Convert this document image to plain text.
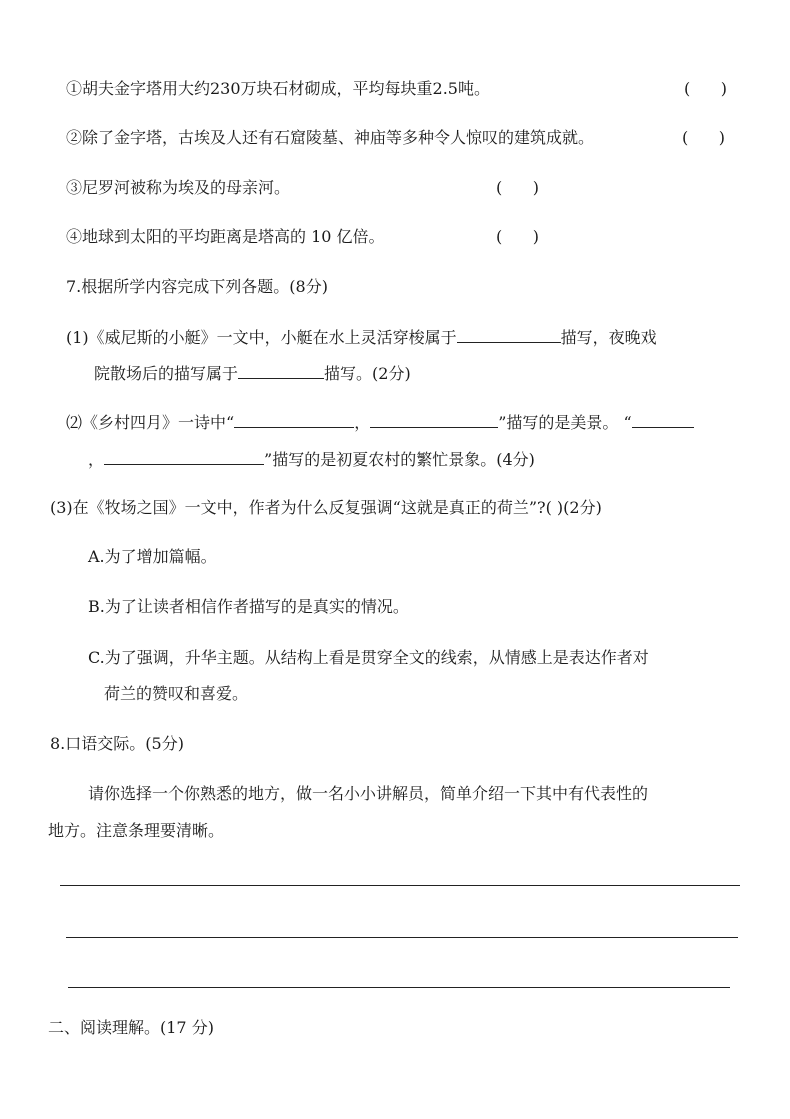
①胡夫金字塔用大约230万块石材砌成，平均每块重2.5吨。	(      )
②除了金字塔，古埃及人还有石窟陵墓、神庙等多种令人惊叹的建筑成就。	(      )
③尼罗河被称为埃及的母亲河。	(      )
④地球到太阳的平均距离是塔高的 10 亿倍。	(      )
7.根据所学内容完成下列各题。(8分)
(1)《威尼斯的小艇》一文中，小艇在水上灵活穿梭属于	描写，夜晚戏
院散场后的描写属于	描写。(2分)
⑵《乡村四月》一诗中“	，	”描写的是美景。 “
，	”描写的是初夏农村的繁忙景象。(4分)
(3)在《牧场之国》一文中，作者为什么反复强调“这就是真正的荷兰”?( )(2分)
A.为了增加篇幅。
B.为了让读者相信作者描写的是真实的情况。
C.为了强调，升华主题。从结构上看是贯穿全文的线索，从情感上是表达作者对
荷兰的赞叹和喜爱。
8.口语交际。(5分)
请你选择一个你熟悉的地方，做一名小小讲解员，简单介绍一下其中有代表性的
地方。注意条理要清晰。
二、阅读理解。(17 分)
